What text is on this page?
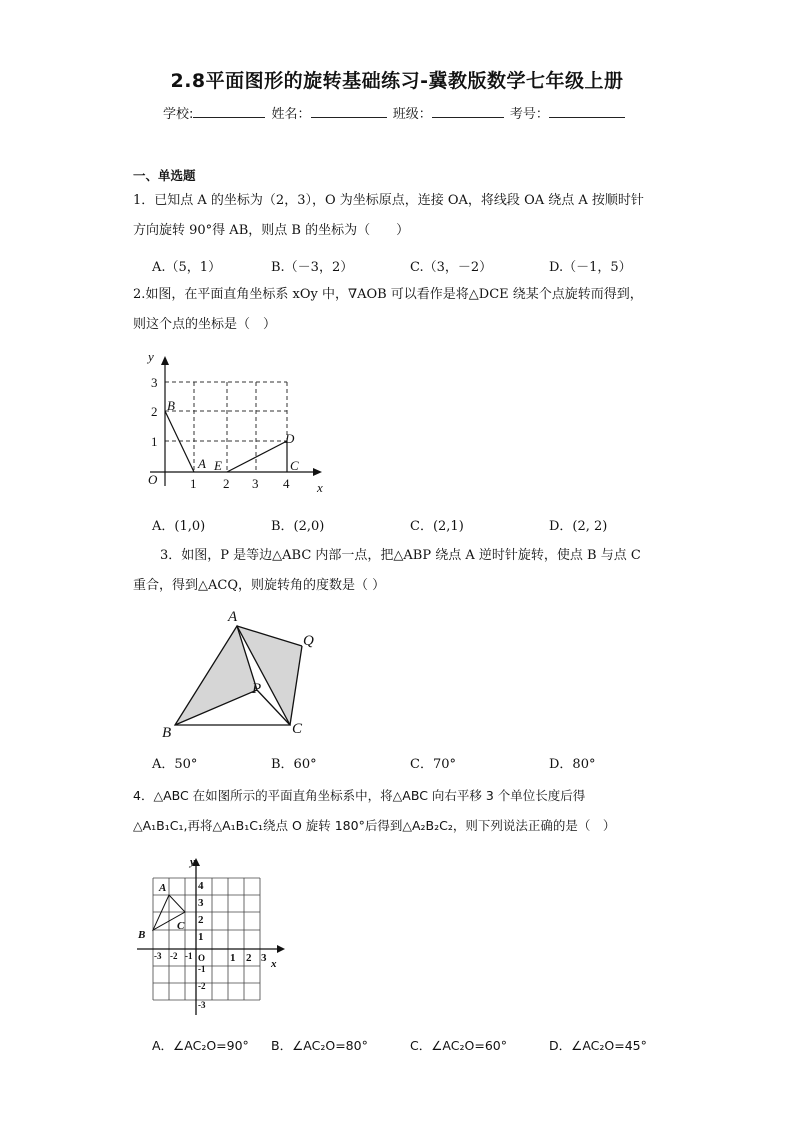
2.8平面图形的旋转基础练习-冀教版数学七年级上册
学校:	姓名：	班级：	考号：
一、单选题
1．已知点 A 的坐标为（2，3），O 为坐标原点，连接 OA，将线段 OA 绕点 A 按顺时针
方向旋转 90°得 AB，则点 B 的坐标为（　　）
A.（5，1）	B.（－3，2）	C.（3，－2）	D.（－1，5）
2.如图，在平面直角坐标系 xOy 中，∇AOB 可以看作是将△DCE 绕某个点旋转而得到，
则这个点的坐标是（　）
x
y
O
A
B
C
D
E
1 2 3 4
1
2
3
A．(1,0)	B．(2,0)	C．(2,1)	D．(2, 2)
3．如图，P 是等边△ABC 内部一点，把△ABP 绕点 A 逆时针旋转，使点 B 与点 C
重合，得到△ACQ，则旋转角的度数是（ ）
A
B	C
P
Q
A．50°	B．60°	C．70°	D．80°
4．△ABC 在如图所示的平面直角坐标系中，将△ABC 向右平移 3 个单位长度后得
△A₁B₁C₁,再将△A₁B₁C₁绕点 O 旋转 180°后得到△A₂B₂C₂，则下列说法正确的是（　）
A
B
C
x
y
O
-3 -2 -1	1 2 3
4
3
2
1
-1
-2
-3
A．∠AC₂O=90° B．∠AC₂O=80°	C．∠AC₂O=60°	D．∠AC₂O=45°
